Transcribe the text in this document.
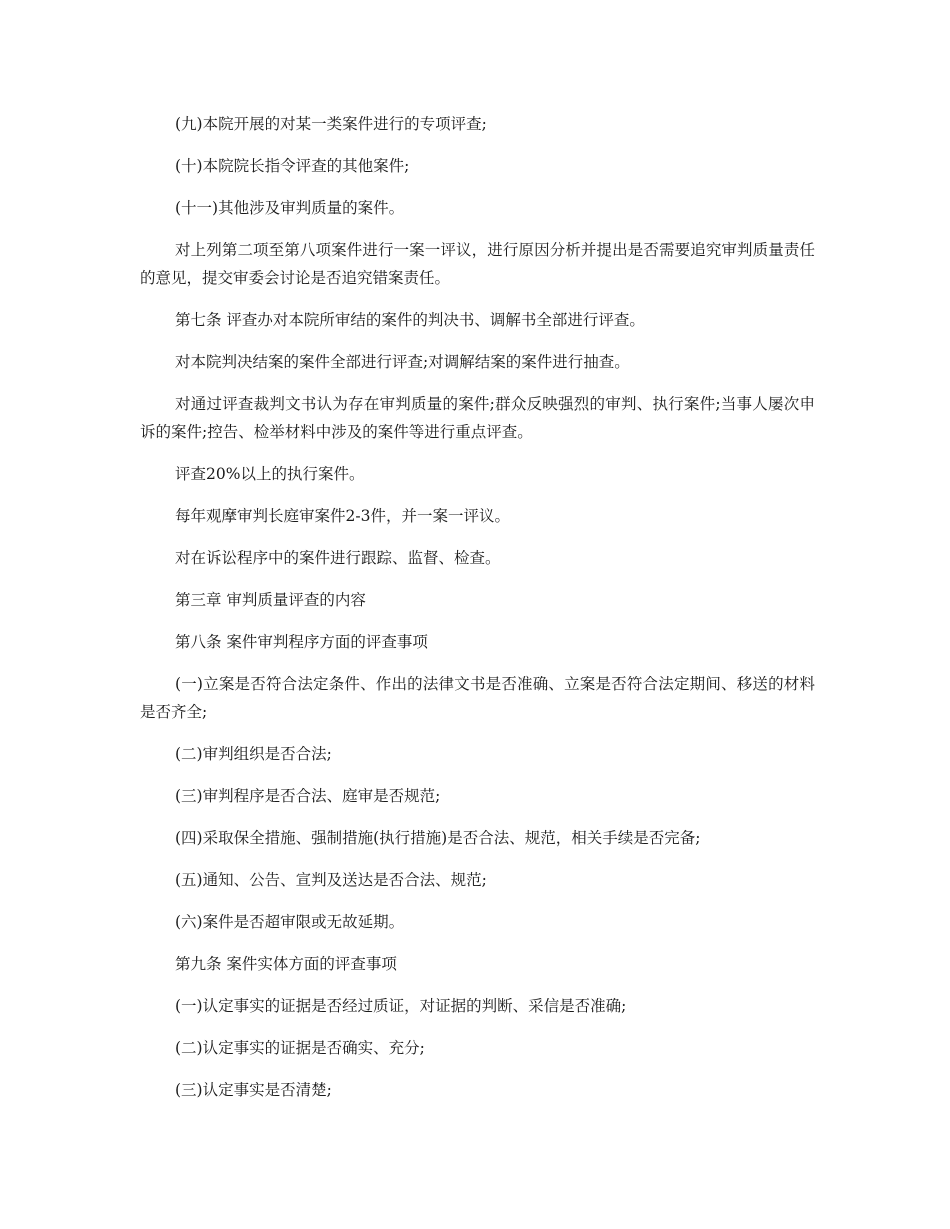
(九)本院开展的对某一类案件进行的专项评查;

(十)本院院长指令评查的其他案件;

(十一)其他涉及审判质量的案件。

对上列第二项至第八项案件进行一案一评议，进行原因分析并提出是否需要追究审判质量责任的意见，提交审委会讨论是否追究错案责任。

第七条 评查办对本院所审结的案件的判决书、调解书全部进行评查。

对本院判决结案的案件全部进行评查;对调解结案的案件进行抽查。

对通过评查裁判文书认为存在审判质量的案件;群众反映强烈的审判、执行案件;当事人屡次申诉的案件;控告、检举材料中涉及的案件等进行重点评查。

评查20%以上的执行案件。

每年观摩审判长庭审案件2-3件，并一案一评议。

对在诉讼程序中的案件进行跟踪、监督、检查。

第三章 审判质量评查的内容

第八条 案件审判程序方面的评查事项

(一)立案是否符合法定条件、作出的法律文书是否准确、立案是否符合法定期间、移送的材料是否齐全;

(二)审判组织是否合法;

(三)审判程序是否合法、庭审是否规范;

(四)采取保全措施、强制措施(执行措施)是否合法、规范，相关手续是否完备;

(五)通知、公告、宣判及送达是否合法、规范;

(六)案件是否超审限或无故延期。

第九条 案件实体方面的评查事项

(一)认定事实的证据是否经过质证，对证据的判断、采信是否准确;

(二)认定事实的证据是否确实、充分;

(三)认定事实是否清楚;
